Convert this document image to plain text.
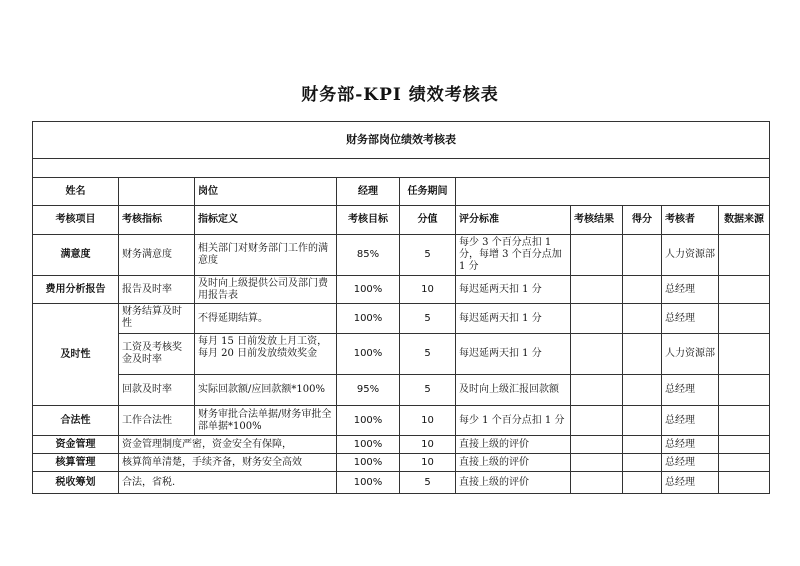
财务部-KPI 绩效考核表
财务部岗位绩效考核表									

姓名		岗位	经理	任务期间					
考核项目	考核指标	指标定义	考核目标	分值	评分标准	考核结果	得分	考核者	数据来源
满意度	财务满意度	相关部门对财务部门工作的满意度	85%	5	每少 3 个百分点扣 1 分，每增 3 个百分点加 1 分			人力资源部	
费用分析报告	报告及时率	及时向上级提供公司及部门费用报告表	100%	10	每迟延两天扣 1 分			总经理	
及时性	财务结算及时性	不得延期结算。	100%	5	每迟延两天扣 1 分			总经理	
	工资及考核奖金及时率	每月 15 日前发放上月工资，每月 20 日前发放绩效奖金	100%	5	每迟延两天扣 1 分			人力资源部	
	回款及时率	实际回款额/应回款额*100%	95%	5	及时向上级汇报回款额			总经理	
合法性	工作合法性	财务审批合法单据/财务审批全部单据*100%	100%	10	每少 1 个百分点扣 1 分			总经理	
资金管理	资金管理制度严密，资金安全有保障，		100%	10	直接上级的评价			总经理	
核算管理	核算简单清楚，手续齐备，财务安全高效		100%	10	直接上级的评价			总经理	
税收筹划	合法，省税.		100%	5	直接上级的评价			总经理	
